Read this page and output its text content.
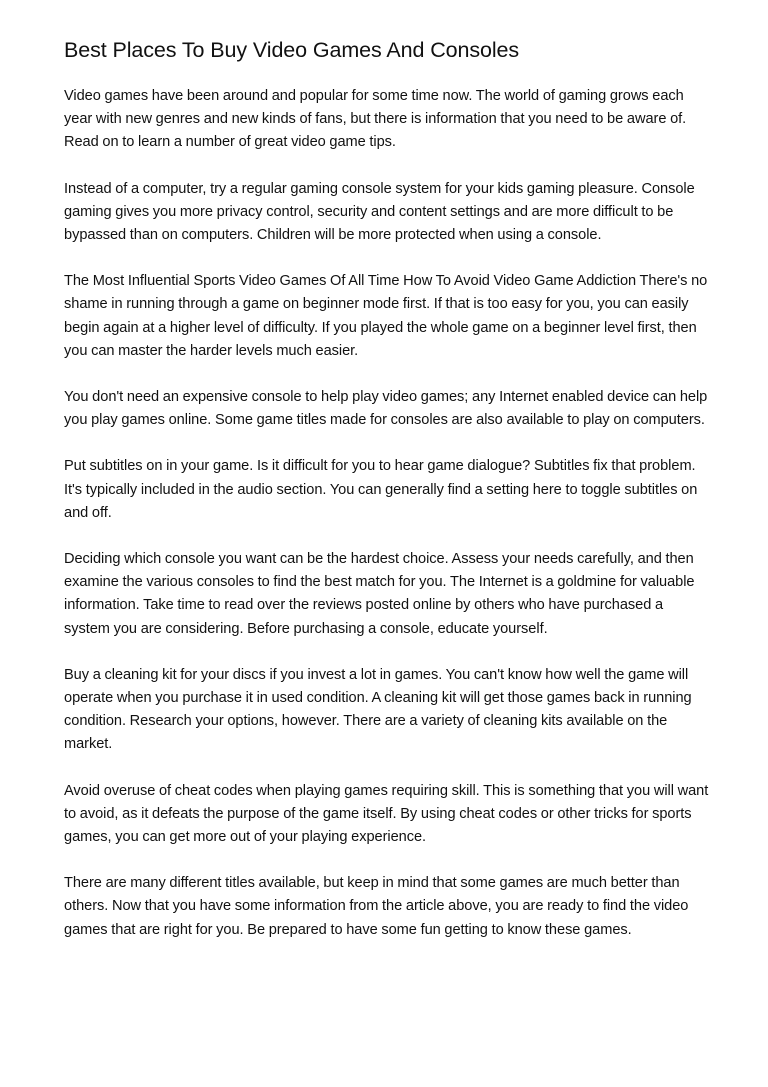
Best Places To Buy Video Games And Consoles

Video games have been around and popular for some time now. The world of gaming grows each year with new genres and new kinds of fans, but there is information that you need to be aware of. Read on to learn a number of great video game tips.

Instead of a computer, try a regular gaming console system for your kids gaming pleasure. Console gaming gives you more privacy control, security and content settings and are more difficult to be bypassed than on computers. Children will be more protected when using a console.

The Most Influential Sports Video Games Of All Time How To Avoid Video Game Addiction There's no shame in running through a game on beginner mode first. If that is too easy for you, you can easily begin again at a higher level of difficulty. If you played the whole game on a beginner level first, then you can master the harder levels much easier.

You don't need an expensive console to help play video games; any Internet enabled device can help you play games online. Some game titles made for consoles are also available to play on computers.

Put subtitles on in your game. Is it difficult for you to hear game dialogue? Subtitles fix that problem. It's typically included in the audio section. You can generally find a setting here to toggle subtitles on and off.

Deciding which console you want can be the hardest choice. Assess your needs carefully, and then examine the various consoles to find the best match for you. The Internet is a goldmine for valuable information. Take time to read over the reviews posted online by others who have purchased a system you are considering. Before purchasing a console, educate yourself.

Buy a cleaning kit for your discs if you invest a lot in games. You can't know how well the game will operate when you purchase it in used condition. A cleaning kit will get those games back in running condition. Research your options, however. There are a variety of cleaning kits available on the market.

Avoid overuse of cheat codes when playing games requiring skill. This is something that you will want to avoid, as it defeats the purpose of the game itself. By using cheat codes or other tricks for sports games, you can get more out of your playing experience.

There are many different titles available, but keep in mind that some games are much better than others. Now that you have some information from the article above, you are ready to find the video games that are right for you. Be prepared to have some fun getting to know these games.
